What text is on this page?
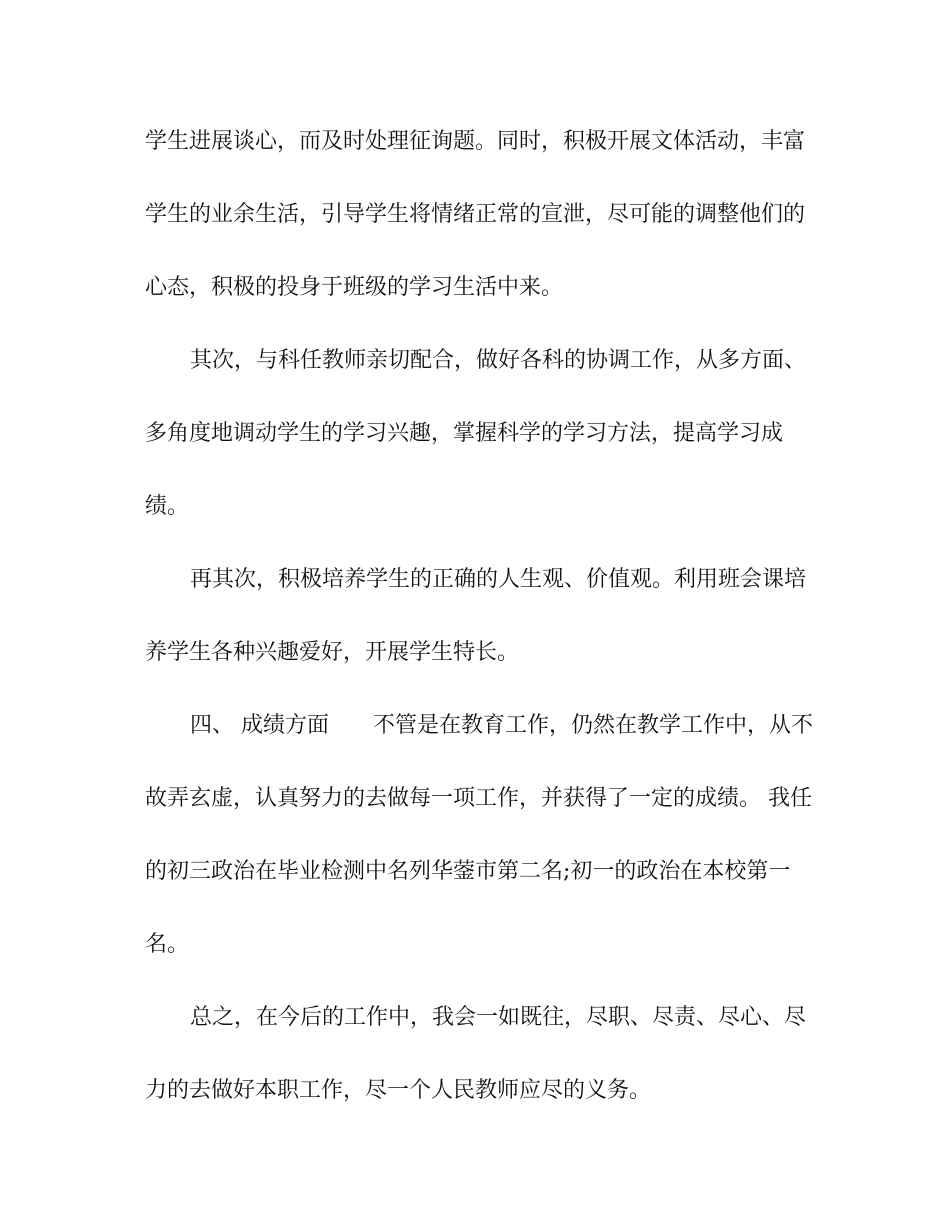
学生进展谈心，而及时处理征询题。同时，积极开展文体活动，丰富

学生的业余生活，引导学生将情绪正常的宣泄，尽可能的调整他们的

心态，积极的投身于班级的学习生活中来。

其次，与科任教师亲切配合，做好各科的协调工作，从多方面、

多角度地调动学生的学习兴趣，掌握科学的学习方法，提高学习成

绩。

再其次，积极培养学生的正确的人生观、价值观。利用班会课培

养学生各种兴趣爱好，开展学生特长。

四、 成绩方面 不管是在教育工作，仍然在教学工作中，从不

故弄玄虚，认真努力的去做每一项工作，并获得了一定的成绩。 我任

的初三政治在毕业检测中名列华蓥市第二名;初一的政治在本校第一

名。

总之，在今后的工作中，我会一如既往，尽职、尽责、尽心、尽

力的去做好本职工作，尽一个人民教师应尽的义务。
